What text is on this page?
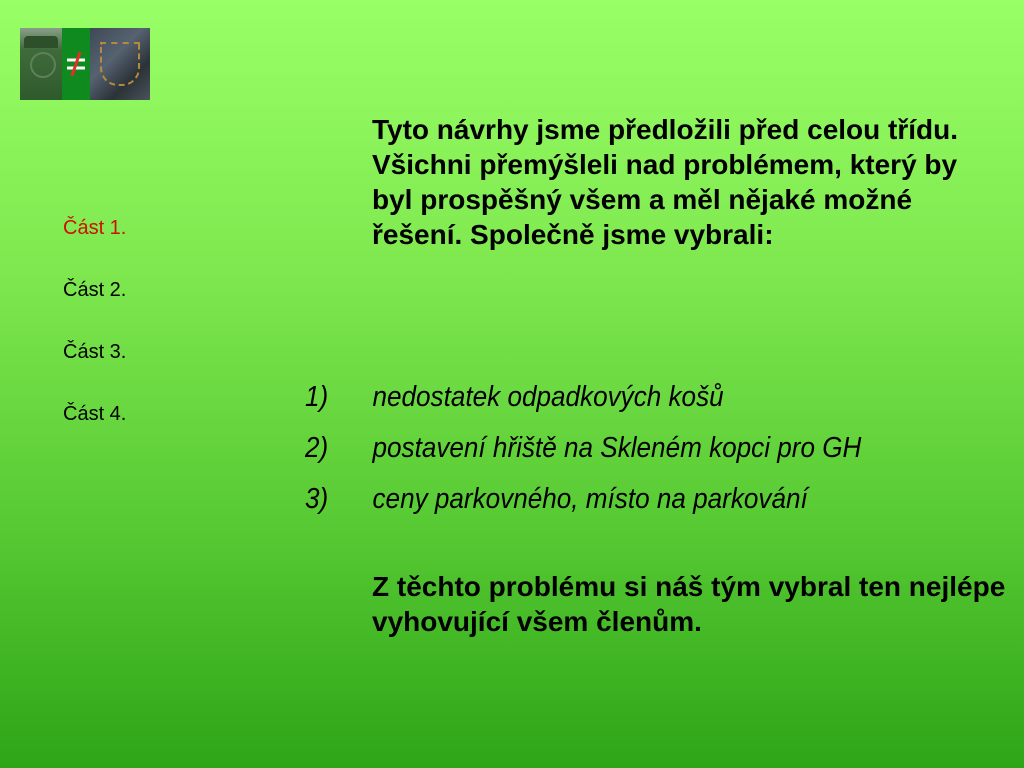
Část 1.
Část 2.
Část 3.
Část 4.
Tyto návrhy jsme předložili před celou třídu. Všichni přemýšleli nad problémem, který by byl prospěšný všem a měl nějaké možné řešení. Společně jsme vybrali:
1)	nedostatek odpadkových košů
2)	postavení hřiště na Skleném kopci pro GH
3)	ceny parkovného, místo na parkování
Z těchto problému si náš tým vybral ten nejlépe vyhovující všem členům.
